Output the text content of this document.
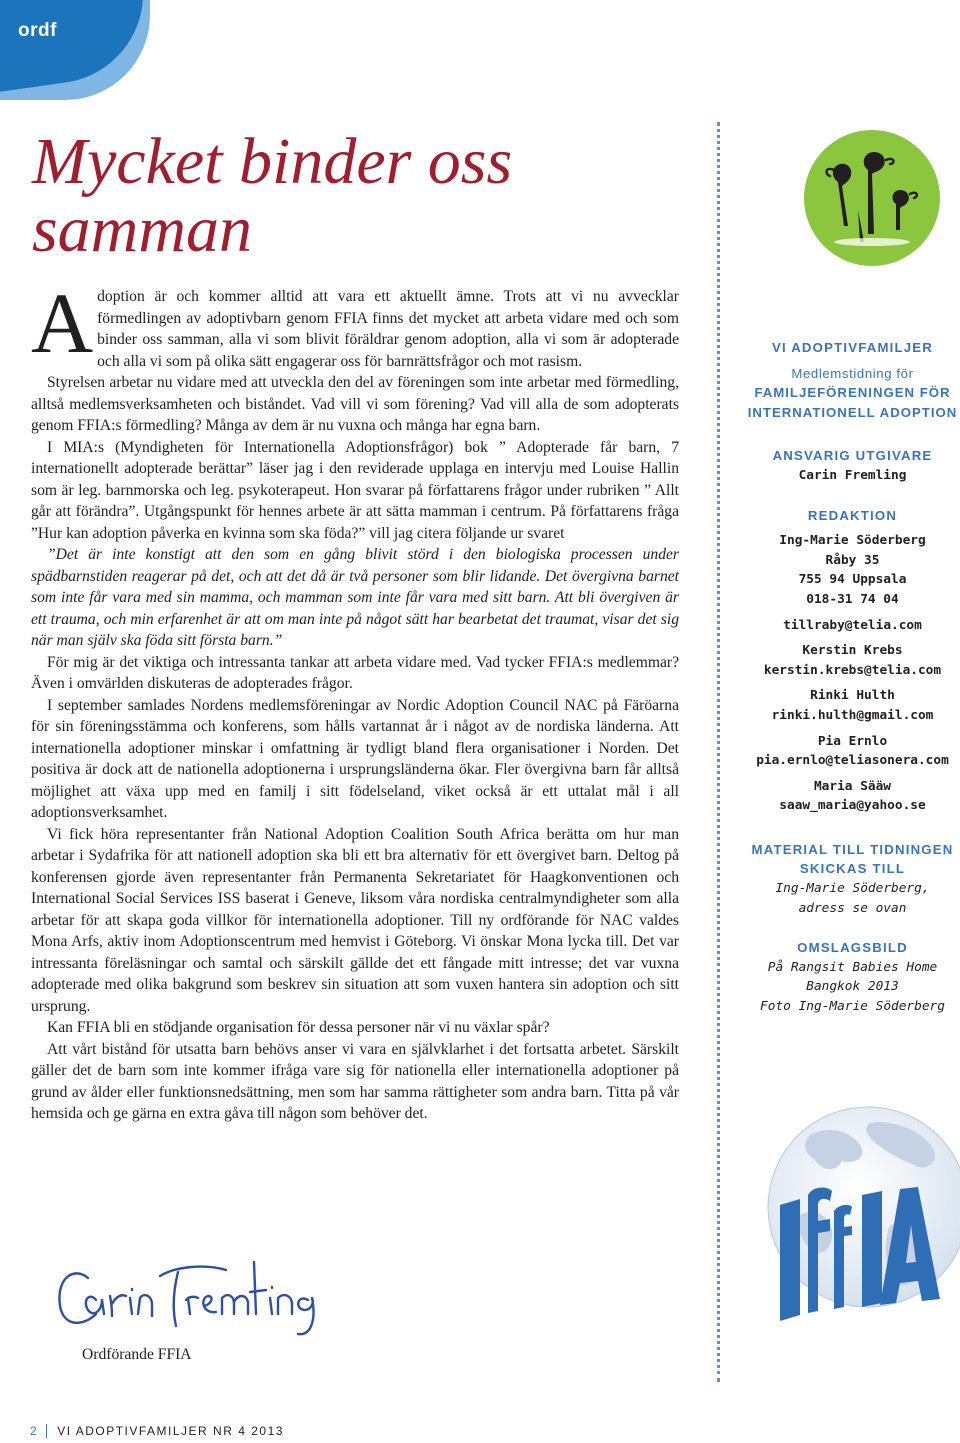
ordf
Mycket binder oss
samman

Adoption är och kommer alltid att vara ett aktuellt ämne. Trots att vi nu avvecklar förmedlingen av adoptivbarn genom FFIA finns det mycket att arbeta vidare med och som binder oss samman, alla vi som blivit föräldrar genom adoption, alla vi som är adopterade och alla vi som på olika sätt engagerar oss för barnrättsfrågor och mot rasism.

Styrelsen arbetar nu vidare med att utveckla den del av föreningen som inte arbetar med förmedling, alltså medlemsverksamheten och biståndet. Vad vill vi som förening? Vad vill alla de som adopterats genom FFIA:s förmedling? Många av dem är nu vuxna och många har egna barn.

I MIA:s (Myndigheten för Internationella Adoptionsfrågor) bok ” Adopterade får barn, 7 internationellt adopterade berättar” läser jag i den reviderade upplaga en intervju med Louise Hallin som är leg. barnmorska och leg. psykoterapeut. Hon svarar på författarens frågor under rubriken ” Allt går att förändra”. Utgångspunkt för hennes arbete är att sätta mamman i centrum. På författarens fråga ”Hur kan adoption påverka en kvinna som ska föda?” vill jag citera följande ur svaret

”Det är inte konstigt att den som en gång blivit störd i den biologiska processen under spädbarnstiden reagerar på det, och att det då är två personer som blir lidande. Det övergivna barnet som inte får vara med sin mamma, och mamman som inte får vara med sitt barn. Att bli övergiven är ett trauma, och min erfarenhet är att om man inte på något sätt har bearbetat det traumat, visar det sig när man själv ska föda sitt första barn.”

För mig är det viktiga och intressanta tankar att arbeta vidare med. Vad tycker FFIA:s medlemmar? Även i omvärlden diskuteras de adopterades frågor.

I september samlades Nordens medlemsföreningar av Nordic Adoption Council NAC på Färöarna för sin föreningsstämma och konferens, som hålls vartannat år i något av de nordiska länderna. Att internationella adoptioner minskar i omfattning är tydligt bland flera organisationer i Norden. Det positiva är dock att de nationella adoptionerna i ursprungsländerna ökar. Fler övergivna barn får alltså möjlighet att växa upp med en familj i sitt födelseland, viket också är ett uttalat mål i all adoptionsverksamhet.

Vi fick höra representanter från National Adoption Coalition South Africa berätta om hur man arbetar i Sydafrika för att nationell adoption ska bli ett bra alternativ för ett övergivet barn. Deltog på konferensen gjorde även representanter från Permanenta Sekretariatet för Haagkonventionen och International Social Services ISS baserat i Geneve, liksom våra nordiska centralmyndigheter som alla arbetar för att skapa goda villkor för internationella adoptioner. Till ny ordförande för NAC valdes Mona Arfs, aktiv inom Adoptionscentrum med hemvist i Göteborg. Vi önskar Mona lycka till. Det var intressanta föreläsningar och samtal och särskilt gällde det ett fångade mitt intresse; det var vuxna adopterade med olika bakgrund som beskrev sin situation att som vuxen hantera sin adoption och sitt ursprung.

Kan FFIA bli en stödjande organisation för dessa personer när vi nu växlar spår?

Att vårt bistånd för utsatta barn behövs anser vi vara en självklarhet i det fortsatta arbetet. Särskilt gäller det de barn som inte kommer ifråga vare sig för nationella eller internationella adoptioner på grund av ålder eller funktionsnedsättning, men som har samma rättigheter som andra barn. Titta på vår hemsida och ge gärna en extra gåva till någon som behöver det.

Ordförande FFIA
VI ADOPTIVFAMILJER
Medlemstidning för
FAMILJEFÖRENINGEN FÖR
INTERNATIONELL ADOPTION
ANSVARIG UTGIVARE
Carin Fremling
REDAKTION
Ing-Marie Söderberg
Råby 35
755 94 Uppsala
018-31 74 04
tillraby@telia.com
Kerstin Krebs
kerstin.krebs@telia.com
Rinki Hulth
rinki.hulth@gmail.com
Pia Ernlo
pia.ernlo@teliasonera.com
Maria Sääw
saaw_maria@yahoo.se
MATERIAL TILL TIDNINGEN
SKICKAS TILL
Ing-Marie Söderberg,
adress se ovan
OMSLAGSBILD
På Rangsit Babies Home
Bangkok 2013
Foto Ing-Marie Söderberg
2 VI ADOPTIVFAMILJER NR 4 2013
